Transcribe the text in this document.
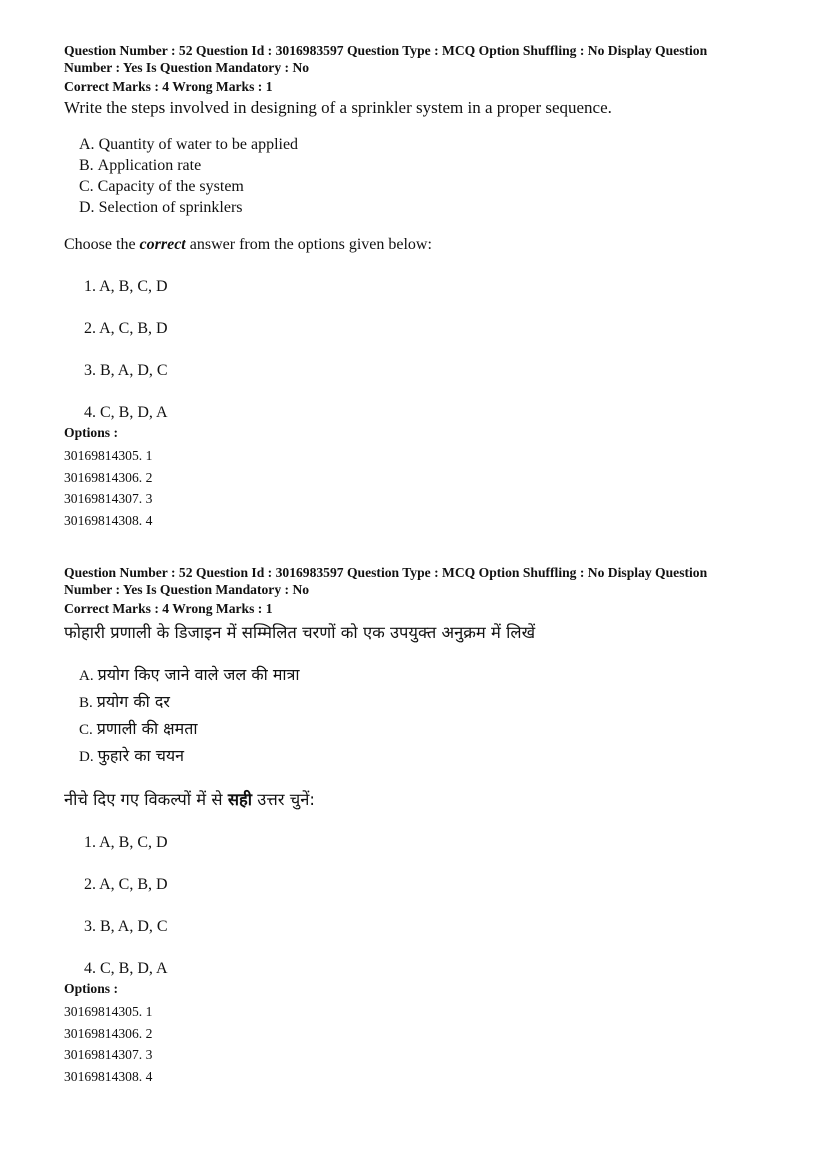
Question Number : 52 Question Id : 3016983597 Question Type : MCQ Option Shuffling : No Display Question

Number : Yes Is Question Mandatory : No

Correct Marks : 4 Wrong Marks : 1

Write the steps involved in designing of a sprinkler system in a proper sequence.

A. Quantity of water to be applied
B. Application rate
C. Capacity of the system
D. Selection of sprinklers

Choose the correct answer from the options given below:

1. A, B, C, D
2. A, C, B, D
3. B, A, D, C
4. C, B, D, A

Options :

30169814305. 1
30169814306. 2
30169814307. 3
30169814308. 4

Question Number : 52 Question Id : 3016983597 Question Type : MCQ Option Shuffling : No Display Question

Number : Yes Is Question Mandatory : No

Correct Marks : 4 Wrong Marks : 1

फोहारी प्रणाली के डिजाइन में सम्मिलित चरणों को एक उपयुक्त अनुक्रम में लिखें

A. प्रयोग किए जाने वाले जल की मात्रा
B. प्रयोग की दर
C. प्रणाली की क्षमता
D. फुहारे का चयन

नीचे दिए गए विकल्पों में से सही उत्तर चुनें:

1. A, B, C, D
2. A, C, B, D
3. B, A, D, C
4. C, B, D, A

Options :

30169814305. 1
30169814306. 2
30169814307. 3
30169814308. 4
